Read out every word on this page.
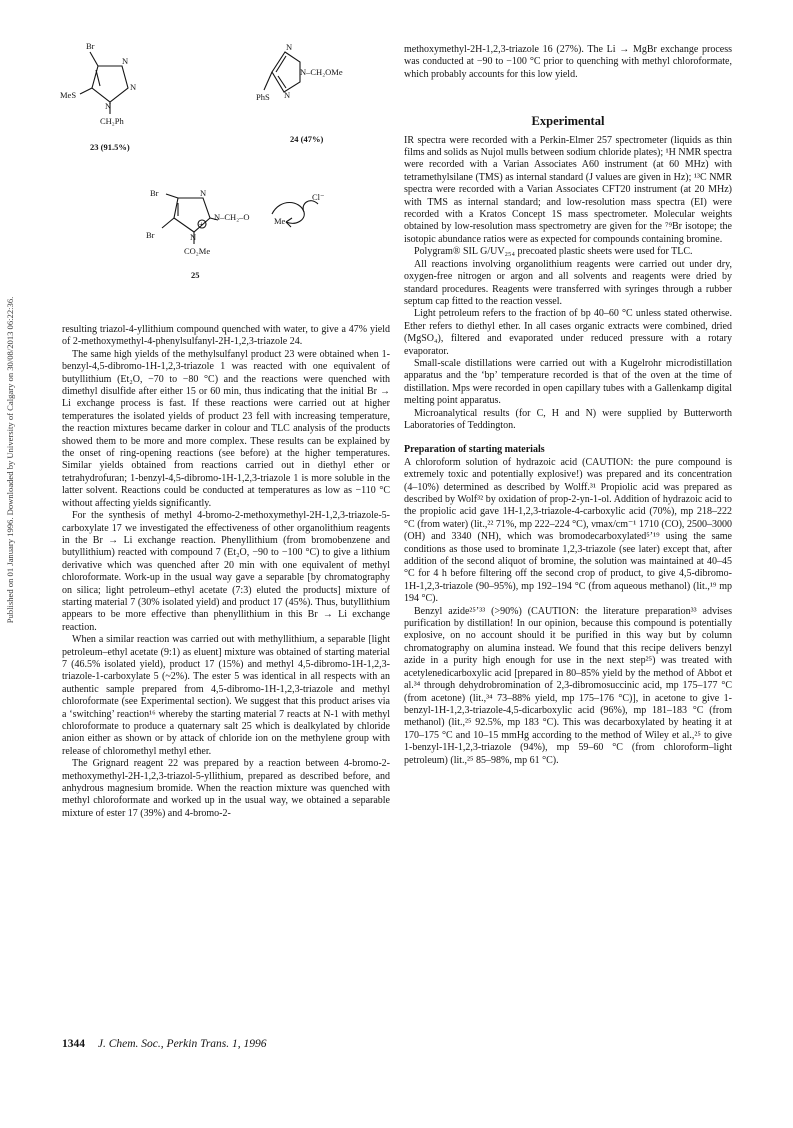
Published on 01 January 1996. Downloaded by University of Calgary on 30/08/2013 06:22:36.
Br
N
N
MeS
N
CH₂Ph
23 (91.5%)
N
N–CH₂OMe
N
PhS
24 (47%)
+
Br	N
N–CH₂–O	Me
Cl⁻
Br	N
CO₂Me
25

resulting triazol-4-yllithium compound quenched with water, to give a 47% yield of 2-methoxymethyl-4-phenylsulfanyl-2H-1,2,3-triazole 24.

The same high yields of the methylsulfanyl product 23 were obtained when 1-benzyl-4,5-dibromo-1H-1,2,3-triazole 1 was reacted with one equivalent of butyllithium (Et₂O, −70 to −80 °C) and the reactions were quenched with dimethyl disulfide after either 15 or 60 min, thus indicating that the initial Br → Li exchange process is fast. If these reactions were carried out at higher temperatures the isolated yields of product 23 fell with increasing temperature, the reaction mixtures became darker in colour and TLC analysis of the products showed them to be more and more complex. These results can be explained by the onset of ring-opening reactions (see before) at the higher temperatures. Similar yields obtained from reactions carried out in diethyl ether or tetrahydrofuran; 1-benzyl-4,5-dibromo-1H-1,2,3-triazole 1 is more soluble in the latter solvent. Reactions could be conducted at temperatures as low as −110 °C without affecting yields significantly.

For the synthesis of methyl 4-bromo-2-methoxymethyl-2H-1,2,3-triazole-5-carboxylate 17 we investigated the effectiveness of other organolithium reagents in the Br → Li exchange reaction. Phenyllithium (from bromobenzene and butyllithium) reacted with compound 7 (Et₂O, −90 to −100 °C) to give a lithium derivative which was quenched after 20 min with one equivalent of methyl chloroformate. Work-up in the usual way gave a separable [by chromatography on silica; light petroleum–ethyl acetate (7:3) eluted the products] mixture of starting material 7 (30% isolated yield) and product 17 (45%). Thus, butyllithium appears to be more effective than phenyllithium in this Br → Li exchange reaction.

When a similar reaction was carried out with methyllithium, a separable [light petroleum–ethyl acetate (9:1) as eluent] mixture was obtained of starting material 7 (46.5% isolated yield), product 17 (15%) and methyl 4,5-dibromo-1H-1,2,3-triazole-1-carboxylate 5 (~2%). The ester 5 was identical in all respects with an authentic sample prepared from 4,5-dibromo-1H-1,2,3-triazole and methyl chloroformate (see Experimental section). We suggest that this product arises via a ‘switching’ reaction¹⁶ whereby the starting material 7 reacts at N-1 with methyl chloroformate to produce a quaternary salt 25 which is dealkylated by chloride anion either as shown or by attack of chloride ion on the methylene group with release of chloromethyl methyl ether.

The Grignard reagent 22 was prepared by a reaction between 4-bromo-2-methoxymethyl-2H-1,2,3-triazol-5-yllithium, prepared as described before, and anhydrous magnesium bromide. When the reaction mixture was quenched with methyl chloroformate and worked up in the usual way, we obtained a separable mixture of ester 17 (39%) and 4-bromo-2-

methoxymethyl-2H-1,2,3-triazole 16 (27%). The Li → MgBr exchange process was conducted at −90 to −100 °C prior to quenching with methyl chloroformate, which probably accounts for this low yield.

Experimental

IR spectra were recorded with a Perkin-Elmer 257 spectrometer (liquids as thin films and solids as Nujol mulls between sodium chloride plates); ¹H NMR spectra were recorded with a Varian Associates A60 instrument (at 60 MHz) with tetramethylsilane (TMS) as internal standard (J values are given in Hz); ¹³C NMR spectra were recorded with a Varian Associates CFT20 instrument (at 20 MHz) with TMS as internal standard; and low-resolution mass spectra (EI) were recorded with a Kratos Concept 1S mass spectrometer. Molecular weights obtained by low-resolution mass spectrometry are given for the ⁷⁹Br isotope; the isotopic abundance ratios were as expected for compounds containing bromine.

Polygram® SIL G/UV₂₅₄ precoated plastic sheets were used for TLC.

All reactions involving organolithium reagents were carried out under dry, oxygen-free nitrogen or argon and all solvents and reagents were dried by standard procedures. Reagents were transferred with syringes through a rubber septum cap fitted to the reaction vessel.

Light petroleum refers to the fraction of bp 40–60 °C unless stated otherwise. Ether refers to diethyl ether. In all cases organic extracts were combined, dried (MgSO₄), filtered and evaporated under reduced pressure with a rotary evaporator.

Small-scale distillations were carried out with a Kugelrohr microdistillation apparatus and the ‘bp’ temperature recorded is that of the oven at the time of distillation. Mps were recorded in open capillary tubes with a Gallenkamp digital melting point apparatus.

Microanalytical results (for C, H and N) were supplied by Butterworth Laboratories of Teddington.

Preparation of starting materials

A chloroform solution of hydrazoic acid (CAUTION: the pure compound is extremely toxic and potentially explosive!) was prepared and its concentration (4–10%) determined as described by Wolff.³¹ Propiolic acid was prepared as described by Wolf³² by oxidation of prop-2-yn-1-ol. Addition of hydrazoic acid to the propiolic acid gave 1H-1,2,3-triazole-4-carboxylic acid (70%), mp 218–222 °C (from water) (lit.,²² 71%, mp 222–224 °C), νmax/cm⁻¹ 1710 (CO), 2500–3000 (OH) and 3340 (NH), which was bromodecarboxylated⁵ʼ¹⁹ using the same conditions as those used to brominate 1,2,3-triazole (see later) except that, after addition of the second aliquot of bromine, the solution was maintained at 40–45 °C for 4 h before filtering off the second crop of product, to give 4,5-dibromo-1H-1,2,3-triazole (90–95%), mp 192–194 °C (from aqueous methanol) (lit.,¹⁹ mp 194 °C).

Benzyl azide²⁵ʼ³³ (>90%) (CAUTION: the literature preparation³³ advises purification by distillation! In our opinion, because this compound is potentially explosive, on no account should it be purified in this way but by column chromatography on alumina instead. We found that this recipe delivers benzyl azide in a purity high enough for use in the next step²⁵) was treated with acetylenedicarboxylic acid [prepared in 80–85% yield by the method of Abbot et al.³⁴ through dehydrobromination of 2,3-dibromosuccinic acid, mp 175–177 °C (from acetone) (lit.,³⁴ 73–88% yield, mp 175–176 °C)], in acetone to give 1-benzyl-1H-1,2,3-triazole-4,5-dicarboxylic acid (96%), mp 181–183 °C (from methanol) (lit.,²⁵ 92.5%, mp 183 °C). This was decarboxylated by heating it at 170–175 °C and 10–15 mmHg according to the method of Wiley et al.,²⁵ to give 1-benzyl-1H-1,2,3-triazole (94%), mp 59–60 °C (from chloroform–light petroleum) (lit.,²⁵ 85–98%, mp 61 °C).

1344 J. Chem. Soc., Perkin Trans. 1, 1996
